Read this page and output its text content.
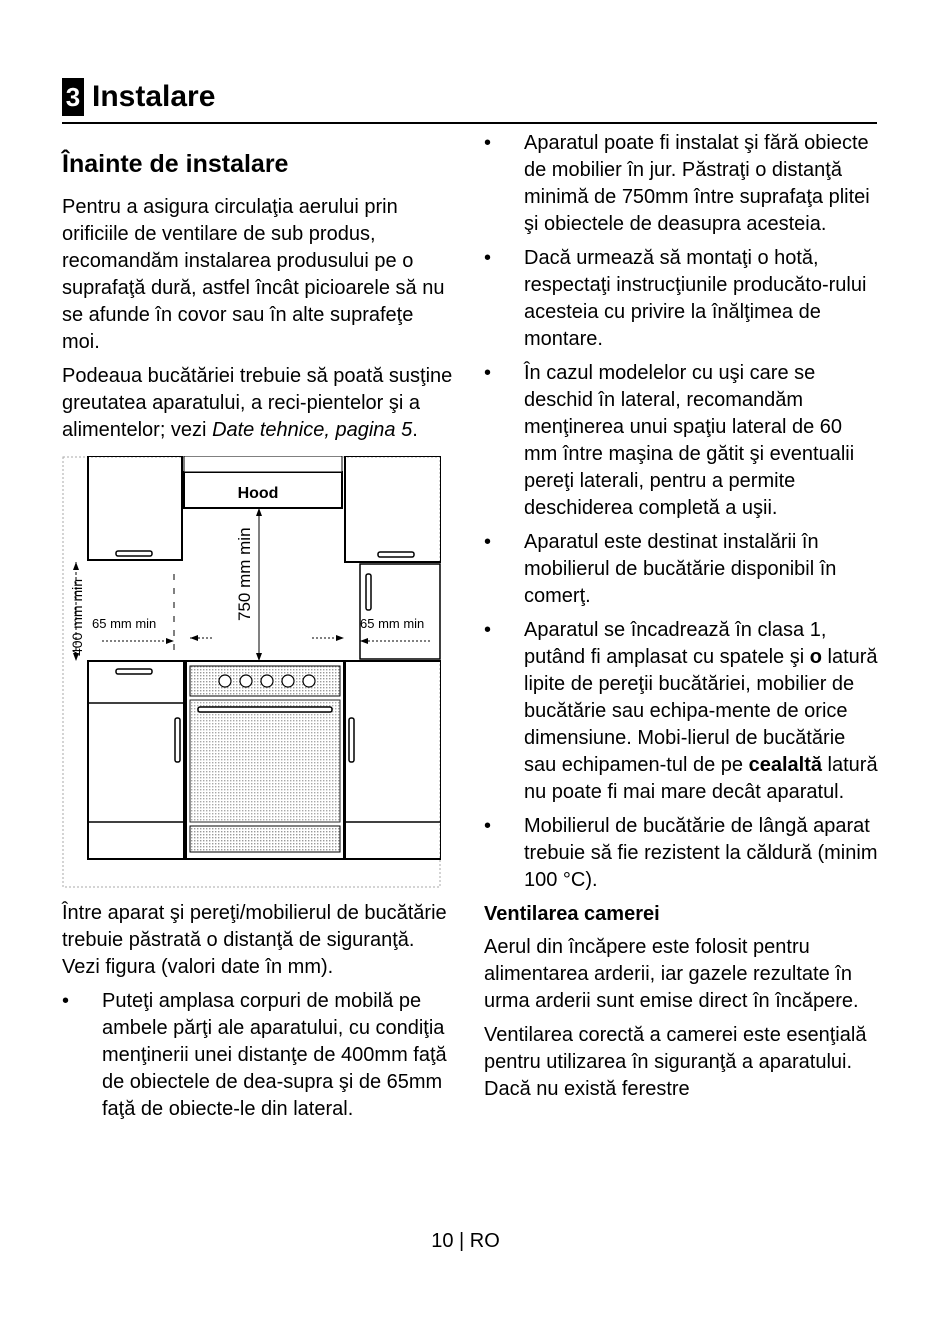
3 Instalare
Înainte de instalare

Pentru a asigura circulaţia aerului prin orificiile de ventilare de sub produs, recomandăm instalarea produsului pe o suprafaţă dură, astfel încât picioarele să nu se afunde în covor sau în alte suprafeţe moi.

Podeaua bucătăriei trebuie să poată susţine greutatea aparatului, a reci-pientelor şi a alimentelor; vezi Date tehnice, pagina 5.

Hood
750 mm min
400 mm min 65 mm min	65 mm min

Între aparat şi pereţi/mobilierul de bucătărie trebuie păstrată o distanţă de siguranţă. Vezi figura (valori date în mm).

• Puteţi amplasa corpuri de mobilă pe ambele părţi ale aparatului, cu condiţia menţinerii unei distanţe de 400mm faţă de obiectele de dea-supra şi de 65mm faţă de obiecte-le din lateral.
• Aparatul poate fi instalat şi fără obiecte de mobilier în jur. Păstraţi o distanţă minimă de 750mm între suprafaţa plitei şi obiectele de deasupra acesteia.
• Dacă urmează să montaţi o hotă, respectaţi instrucţiunile producăto-rului acesteia cu privire la înălţimea de montare.
• În cazul modelelor cu uşi care se deschid în lateral, recomandăm menţinerea unui spaţiu lateral de 60 mm între maşina de gătit şi eventualii pereţi laterali, pentru a permite deschiderea completă a uşii.
• Aparatul este destinat instalării în mobilierul de bucătărie disponibil în comerţ.
• Aparatul se încadrează în clasa 1, putând fi amplasat cu spatele şi o latură lipite de pereţii bucătăriei, mobilier de bucătărie sau echipa-mente de orice dimensiune. Mobi-lierul de bucătărie sau echipamen-tul de pe cealaltă latură nu poate fi mai mare decât aparatul.
• Mobilierul de bucătărie de lângă aparat trebuie să fie rezistent la căldură (minim 100 °C).
Ventilarea camerei

Aerul din încăpere este folosit pentru alimentarea arderii, iar gazele rezultate în urma arderii sunt emise direct în încăpere.

Ventilarea corectă a camerei este esenţială pentru utilizarea în siguranţă a aparatului. Dacă nu există ferestre

10 | RO
